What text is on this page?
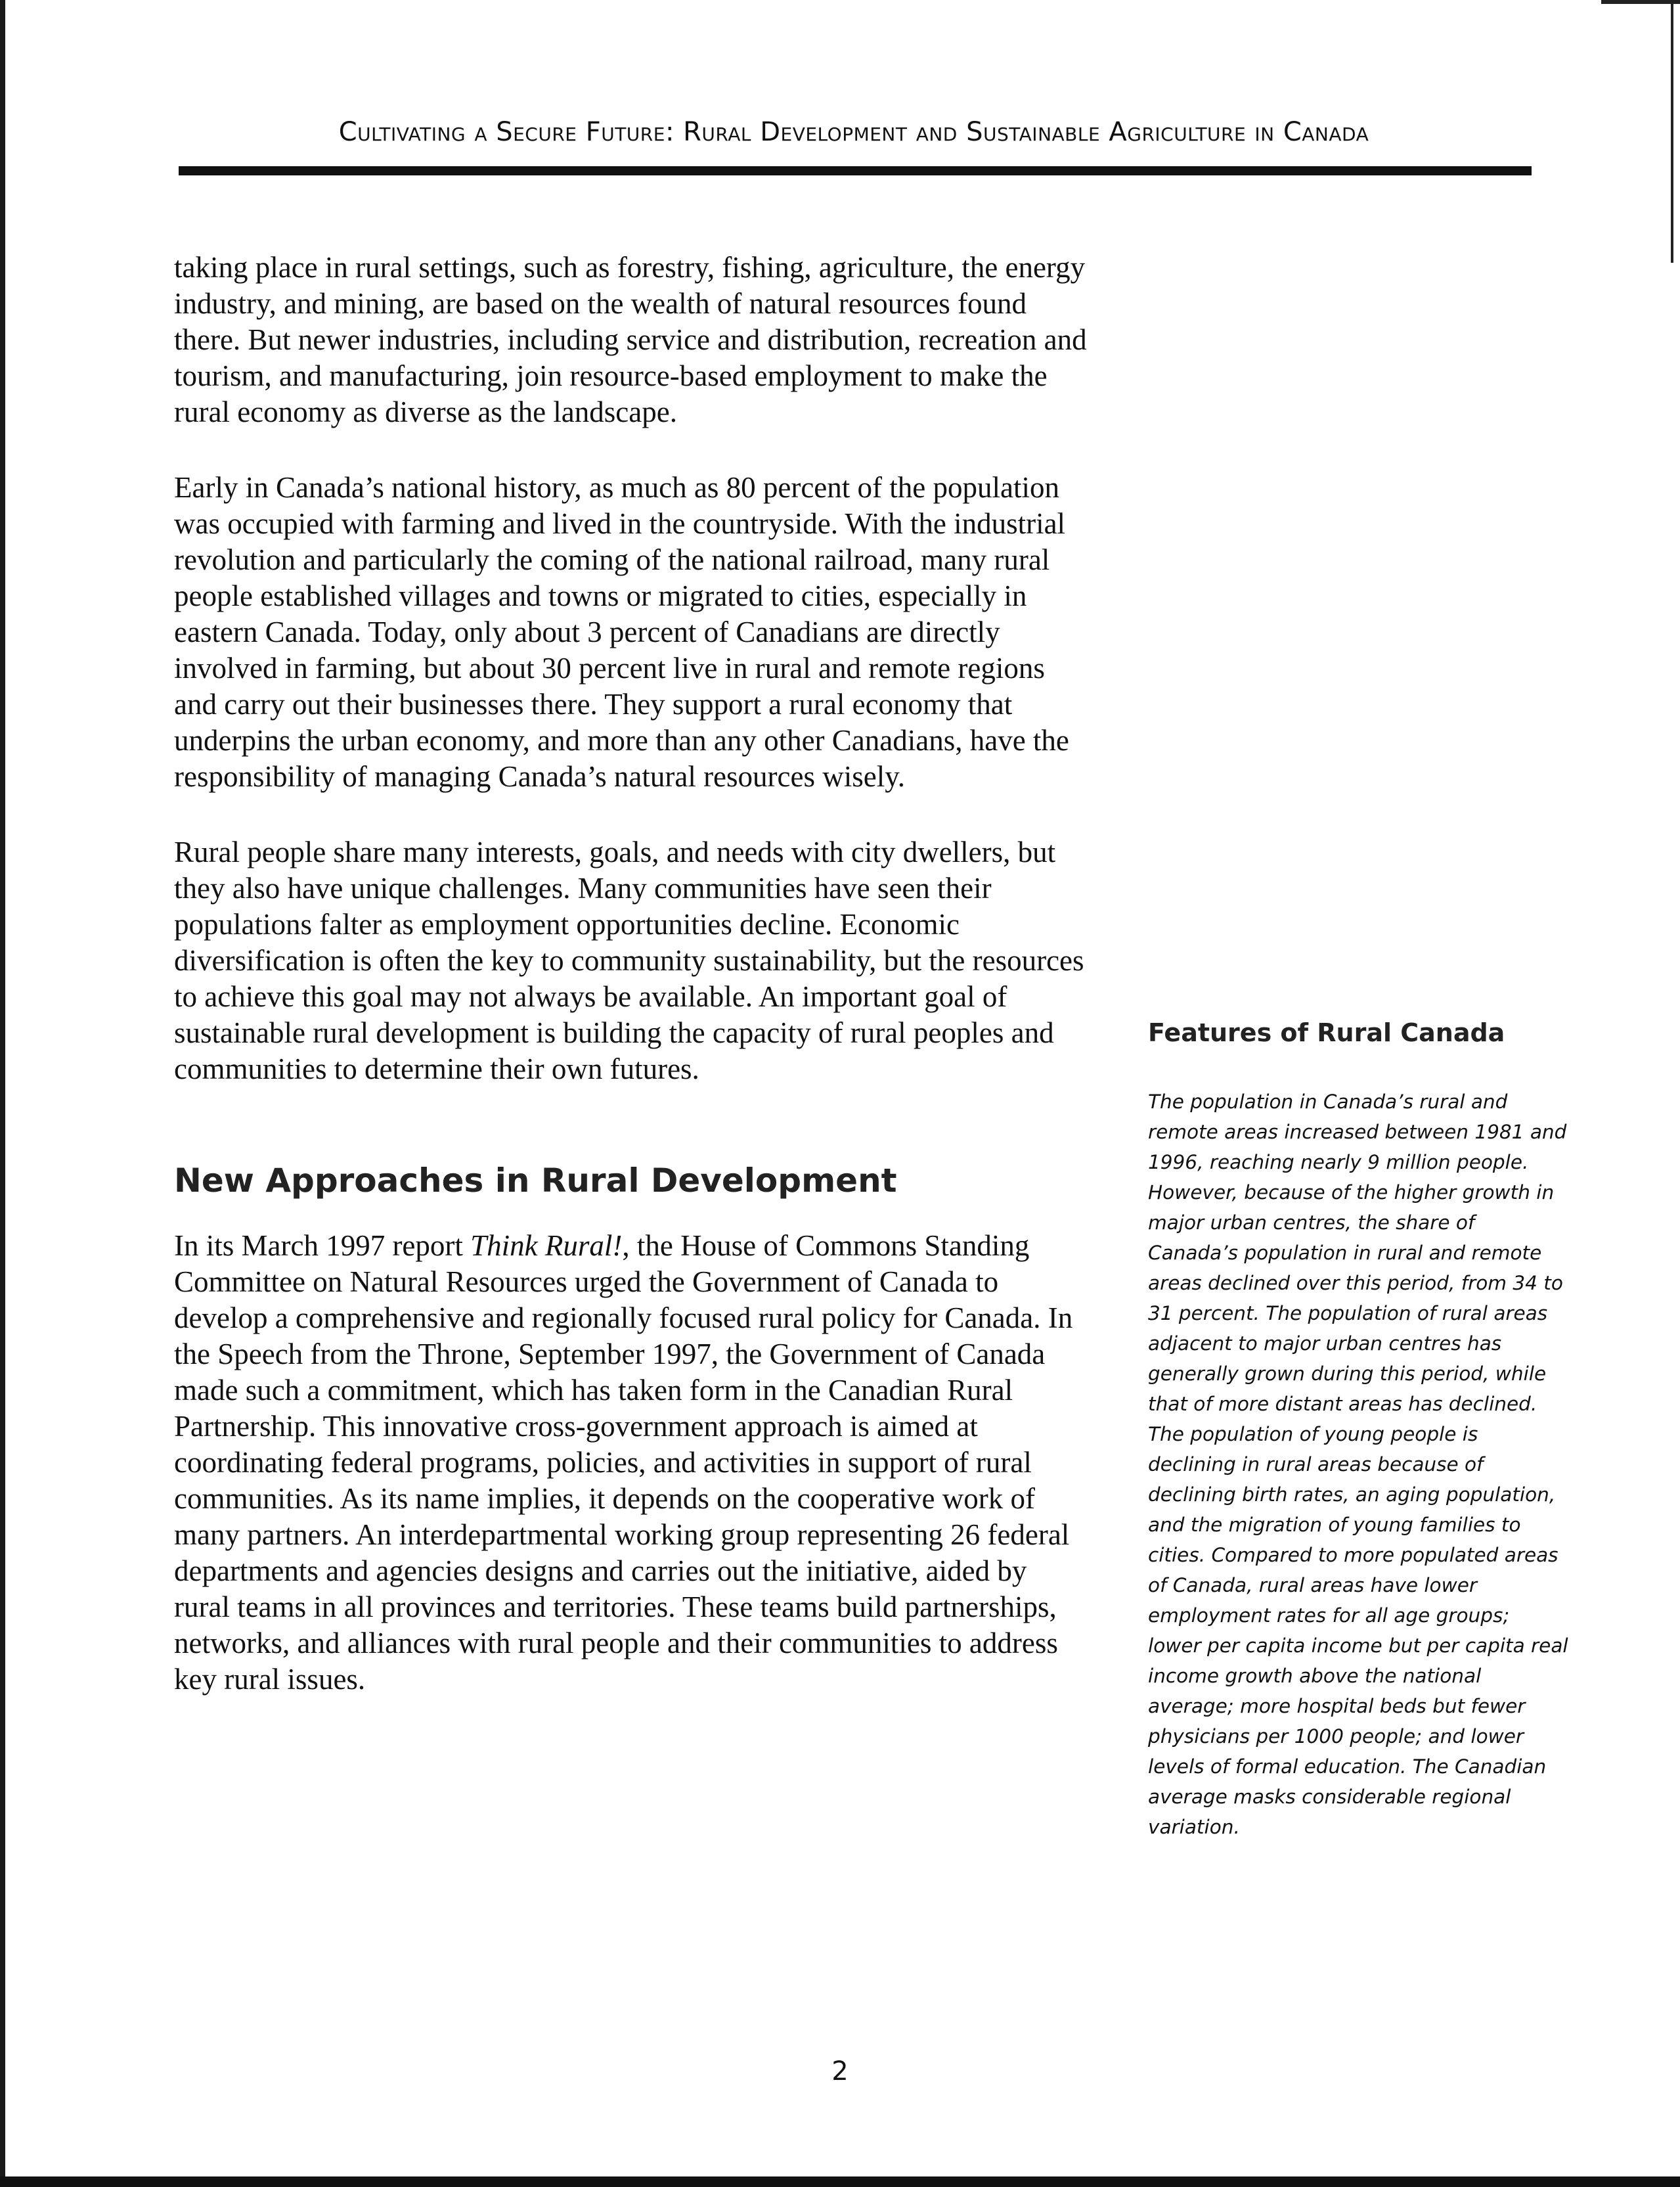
Cultivating a Secure Future: Rural Development and Sustainable Agriculture in Canada

taking place in rural settings, such as forestry, fishing, agriculture, the energy industry, and mining, are based on the wealth of natural resources found there. But newer industries, including service and distribution, recreation and tourism, and manufacturing, join resource-based employment to make the rural economy as diverse as the landscape.

Early in Canada’s national history, as much as 80 percent of the population was occupied with farming and lived in the countryside. With the industrial revolution and particularly the coming of the national railroad, many rural people established villages and towns or migrated to cities, especially in eastern Canada. Today, only about 3 percent of Canadians are directly involved in farming, but about 30 percent live in rural and remote regions and carry out their businesses there. They support a rural economy that underpins the urban economy, and more than any other Canadians, have the responsibility of managing Canada’s natural resources wisely.

Rural people share many interests, goals, and needs with city dwellers, but they also have unique challenges. Many communities have seen their populations falter as employment opportunities decline. Economic diversification is often the key to community sustainability, but the resources to achieve this goal may not always be available. An important goal of sustainable rural development is building the capacity of rural peoples and communities to determine their own futures.

New Approaches in Rural Development

In its March 1997 report Think Rural!, the House of Commons Standing Committee on Natural Resources urged the Government of Canada to develop a comprehensive and regionally focused rural policy for Canada. In the Speech from the Throne, September 1997, the Government of Canada made such a commitment, which has taken form in the Canadian Rural Partnership. This innovative cross-government approach is aimed at coordinating federal programs, policies, and activities in support of rural communities. As its name implies, it depends on the cooperative work of many partners. An interdepartmental working group representing 26 federal departments and agencies designs and carries out the initiative, aided by rural teams in all provinces and territories. These teams build partnerships, networks, and alliances with rural people and their communities to address key rural issues.

Features of Rural Canada

The population in Canada’s rural and remote areas increased between 1981 and 1996, reaching nearly 9 million people. However, because of the higher growth in major urban centres, the share of Canada’s population in rural and remote areas declined over this period, from 34 to 31 percent. The population of rural areas adjacent to major urban centres has generally grown during this period, while that of more distant areas has declined. The population of young people is declining in rural areas because of declining birth rates, an aging population, and the migration of young families to cities. Compared to more populated areas of Canada, rural areas have lower employment rates for all age groups; lower per capita income but per capita real income growth above the national average; more hospital beds but fewer physicians per 1000 people; and lower levels of formal education. The Canadian average masks considerable regional variation.

2
